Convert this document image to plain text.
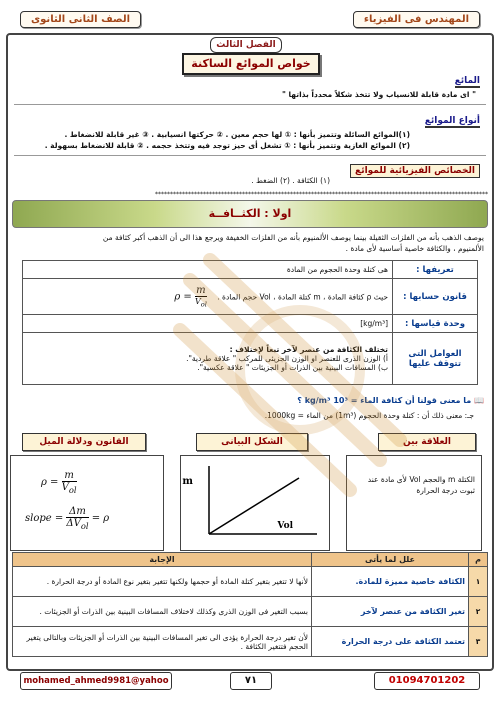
المهندس فى الفيزياء
الصف الثانى الثانوى
الفصل الثالث
خواص الموائع الساكنة
المائع
" اى مادة قابلة للانسياب ولا تتخذ شكلاً محدداً بذاتها "
أنواع الموائع
(١)الموائع السائلة وتتميز بأنها : ① لها حجم معين . ② حركتها انسيابية . ③ غير قابلة للانضغاط .
(٢) الموائع الغازية وتتميز بأنها : ① تشغل أى حيز توجد فيه وتتخذ حجمه . ② قابلة للانضغاط بسهولة .
الخصائص الفيزيائية للموائع
(١) الكثافة . (٢) الضغط .
***************************************************************************************************************
اولا : الكثــافــة
يوصف الذهب بأنه من الفلزات الثقيلة بينما يوصف الألمنيوم بأنه من الفلزات الخفيفة ويرجع هذا الى أن الذهب أكبر كثافة من
الألمنيوم ، والكثافة خاصية أساسية لأى مادة .
تعريفها :	هى كتلة وحدة الحجوم من المادة
قانون حسابها :	حيث ρ كثافة المادة ، m كتلة المادة ، Vol حجم المادة . ρ =
m
$V_{ol}$

وحدة قياسها :	[kg/m³]
العوامل التى تتوقف عليها	تختلف الكثافة من عنصر لآخر تبعاً لإختلاف :
أ) الوزن الذرى للعنصر او الوزن الجزيئى للمركب " علاقة طردية".
ب) المسافات البينية بين الذرات أو الجزيئات " علاقة عكسية".
📖 ما معنى قولنا أن كثافة الماء = 10³ kg/m³ ؟
جـ: معنى ذلك أن : كتلة وحدة الحجوم (1m³) من الماء = 1000kg.
العلاقة بين
الشكل البيانى
القانون ودلالة الميل
الكتلة m والحجم Vol لأى مادة عند
ثبوت درجة الحرارة
m
Vol
ρ =
m
$V_{ol}$
slope =
Δm
$\Delta V_{ol}$
= ρ
م	علل لما يأتى	الإجابة
١	الكثافة خاصية مميزة للمادة.	لأنها لا تتغير بتغير كتلة المادة أو حجمها ولكنها تتغير بتغير نوع المادة أو درجة الحرارة .
٢	تغير الكثافة من عنصر لآخر	بسبب التغير فى الوزن الذرى وكذلك لاختلاف المسافات البينية بين الذرات أو الجزيئات .
٣	تعتمد الكثافة على درجة الحرارة	لأن تغير درجة الحرارة يؤدى الى تغير المسافات البينية بين الذرات أو الجزيئات وبالتالى يتغير الحجم فتتغير الكثافة .
01094701202
٧١
mohamed_ahmed9981@yahoo
